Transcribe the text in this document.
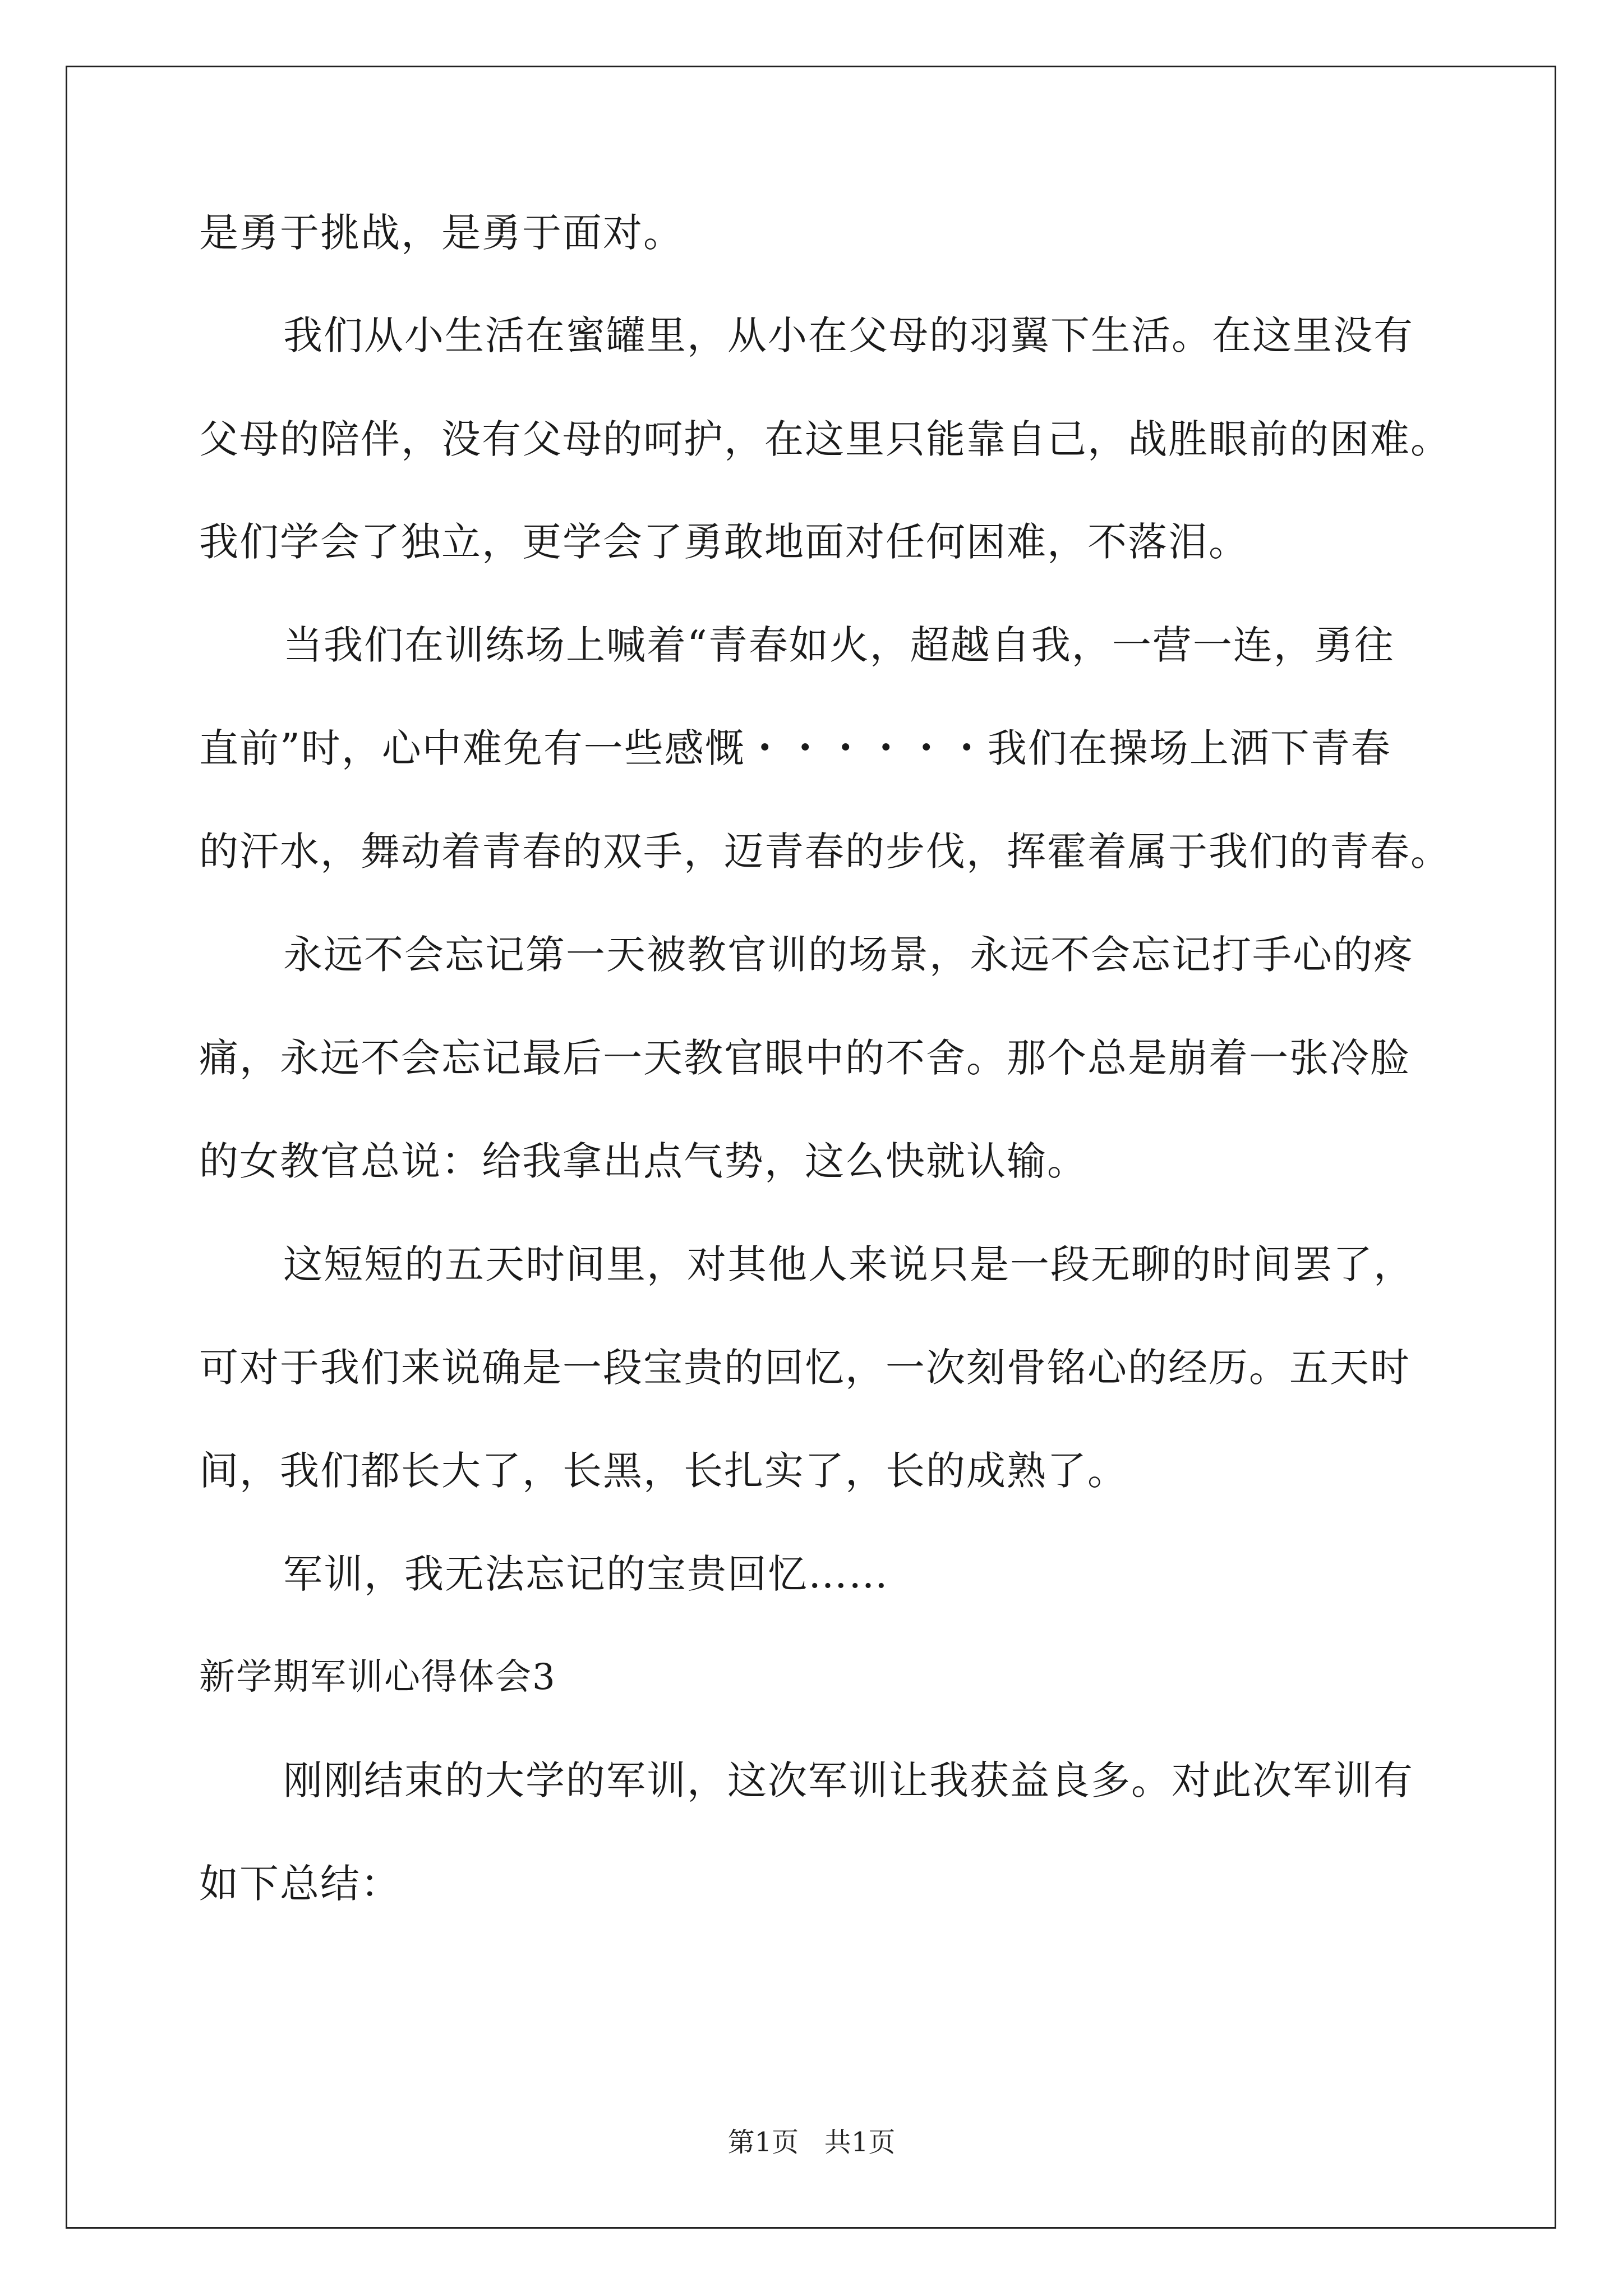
是勇于挑战，是勇于面对。
我们从小生活在蜜罐里，从小在父母的羽翼下生活。在这里没有
父母的陪伴，没有父母的呵护，在这里只能靠自己，战胜眼前的困难。
我们学会了独立，更学会了勇敢地面对任何困难，不落泪。
当我们在训练场上喊着“青春如火，超越自我，一营一连，勇往
直前”时，心中难免有一些感慨・・・・・・我们在操场上洒下青春
的汗水，舞动着青春的双手，迈青春的步伐，挥霍着属于我们的青春。
永远不会忘记第一天被教官训的场景，永远不会忘记打手心的疼
痛，永远不会忘记最后一天教官眼中的不舍。那个总是崩着一张冷脸
的女教官总说：给我拿出点气势，这么快就认输。
这短短的五天时间里，对其他人来说只是一段无聊的时间罢了，
可对于我们来说确是一段宝贵的回忆，一次刻骨铭心的经历。五天时
间，我们都长大了，长黑，长扎实了，长的成熟了。
军训，我无法忘记的宝贵回忆……
新学期军训心得体会3
刚刚结束的大学的军训，这次军训让我获益良多。对此次军训有
如下总结：
第1页   共1页
